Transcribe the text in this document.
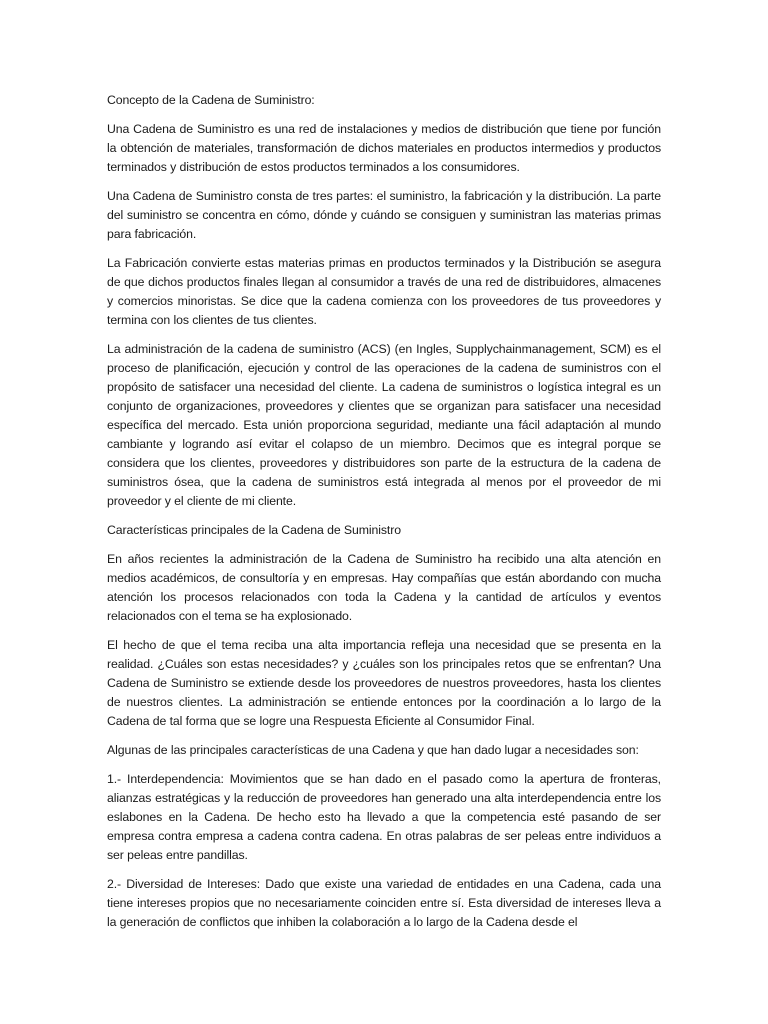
Concepto de la Cadena de Suministro:

Una Cadena de Suministro es una red de instalaciones y medios de distribución que tiene por función la obtención de materiales, transformación de dichos materiales en productos intermedios y productos terminados y distribución de estos productos terminados a los consumidores.

Una Cadena de Suministro consta de tres partes: el suministro, la fabricación y la distribución. La parte del suministro se concentra en cómo, dónde y cuándo se consiguen y suministran las materias primas para fabricación.

La Fabricación convierte estas materias primas en productos terminados y la Distribución se asegura de que dichos productos finales llegan al consumidor a través de una red de distribuidores, almacenes y comercios minoristas. Se dice que la cadena comienza con los proveedores de tus proveedores y termina con los clientes de tus clientes.

La administración de la cadena de suministro (ACS) (en Ingles, Supplychainmanagement, SCM) es el proceso de planificación, ejecución y control de las operaciones de la cadena de suministros con el propósito de satisfacer una necesidad del cliente. La cadena de suministros o logística integral es un conjunto de organizaciones, proveedores y clientes que se organizan para satisfacer una necesidad específica del mercado. Esta unión proporciona seguridad, mediante una fácil adaptación al mundo cambiante y logrando así evitar el colapso de un miembro. Decimos que es integral porque se considera que los clientes, proveedores y distribuidores son parte de la estructura de la cadena de suministros ósea, que la cadena de suministros está integrada al menos por el proveedor de mi proveedor y el cliente de mi cliente.

Características principales de la Cadena de Suministro

En años recientes la administración de la Cadena de Suministro ha recibido una alta atención en medios académicos, de consultoría y en empresas. Hay compañías que están abordando con mucha atención los procesos relacionados con toda la Cadena y la cantidad de artículos y eventos relacionados con el tema se ha explosionado.

El hecho de que el tema reciba una alta importancia refleja una necesidad que se presenta en la realidad. ¿Cuáles son estas necesidades? y ¿cuáles son los principales retos que se enfrentan? Una Cadena de Suministro se extiende desde los proveedores de nuestros proveedores, hasta los clientes de nuestros clientes. La administración se entiende entonces por la coordinación a lo largo de la Cadena de tal forma que se logre una Respuesta Eficiente al Consumidor Final.

Algunas de las principales características de una Cadena y que han dado lugar a necesidades son:

1.- Interdependencia: Movimientos que se han dado en el pasado como la apertura de fronteras, alianzas estratégicas y la reducción de proveedores han generado una alta interdependencia entre los eslabones en la Cadena. De hecho esto ha llevado a que la competencia esté pasando de ser empresa contra empresa a cadena contra cadena. En otras palabras de ser peleas entre individuos a ser peleas entre pandillas.

2.- Diversidad de Intereses: Dado que existe una variedad de entidades en una Cadena, cada una tiene intereses propios que no necesariamente coinciden entre sí. Esta diversidad de intereses lleva a la generación de conflictos que inhiben la colaboración a lo largo de la Cadena desde el
